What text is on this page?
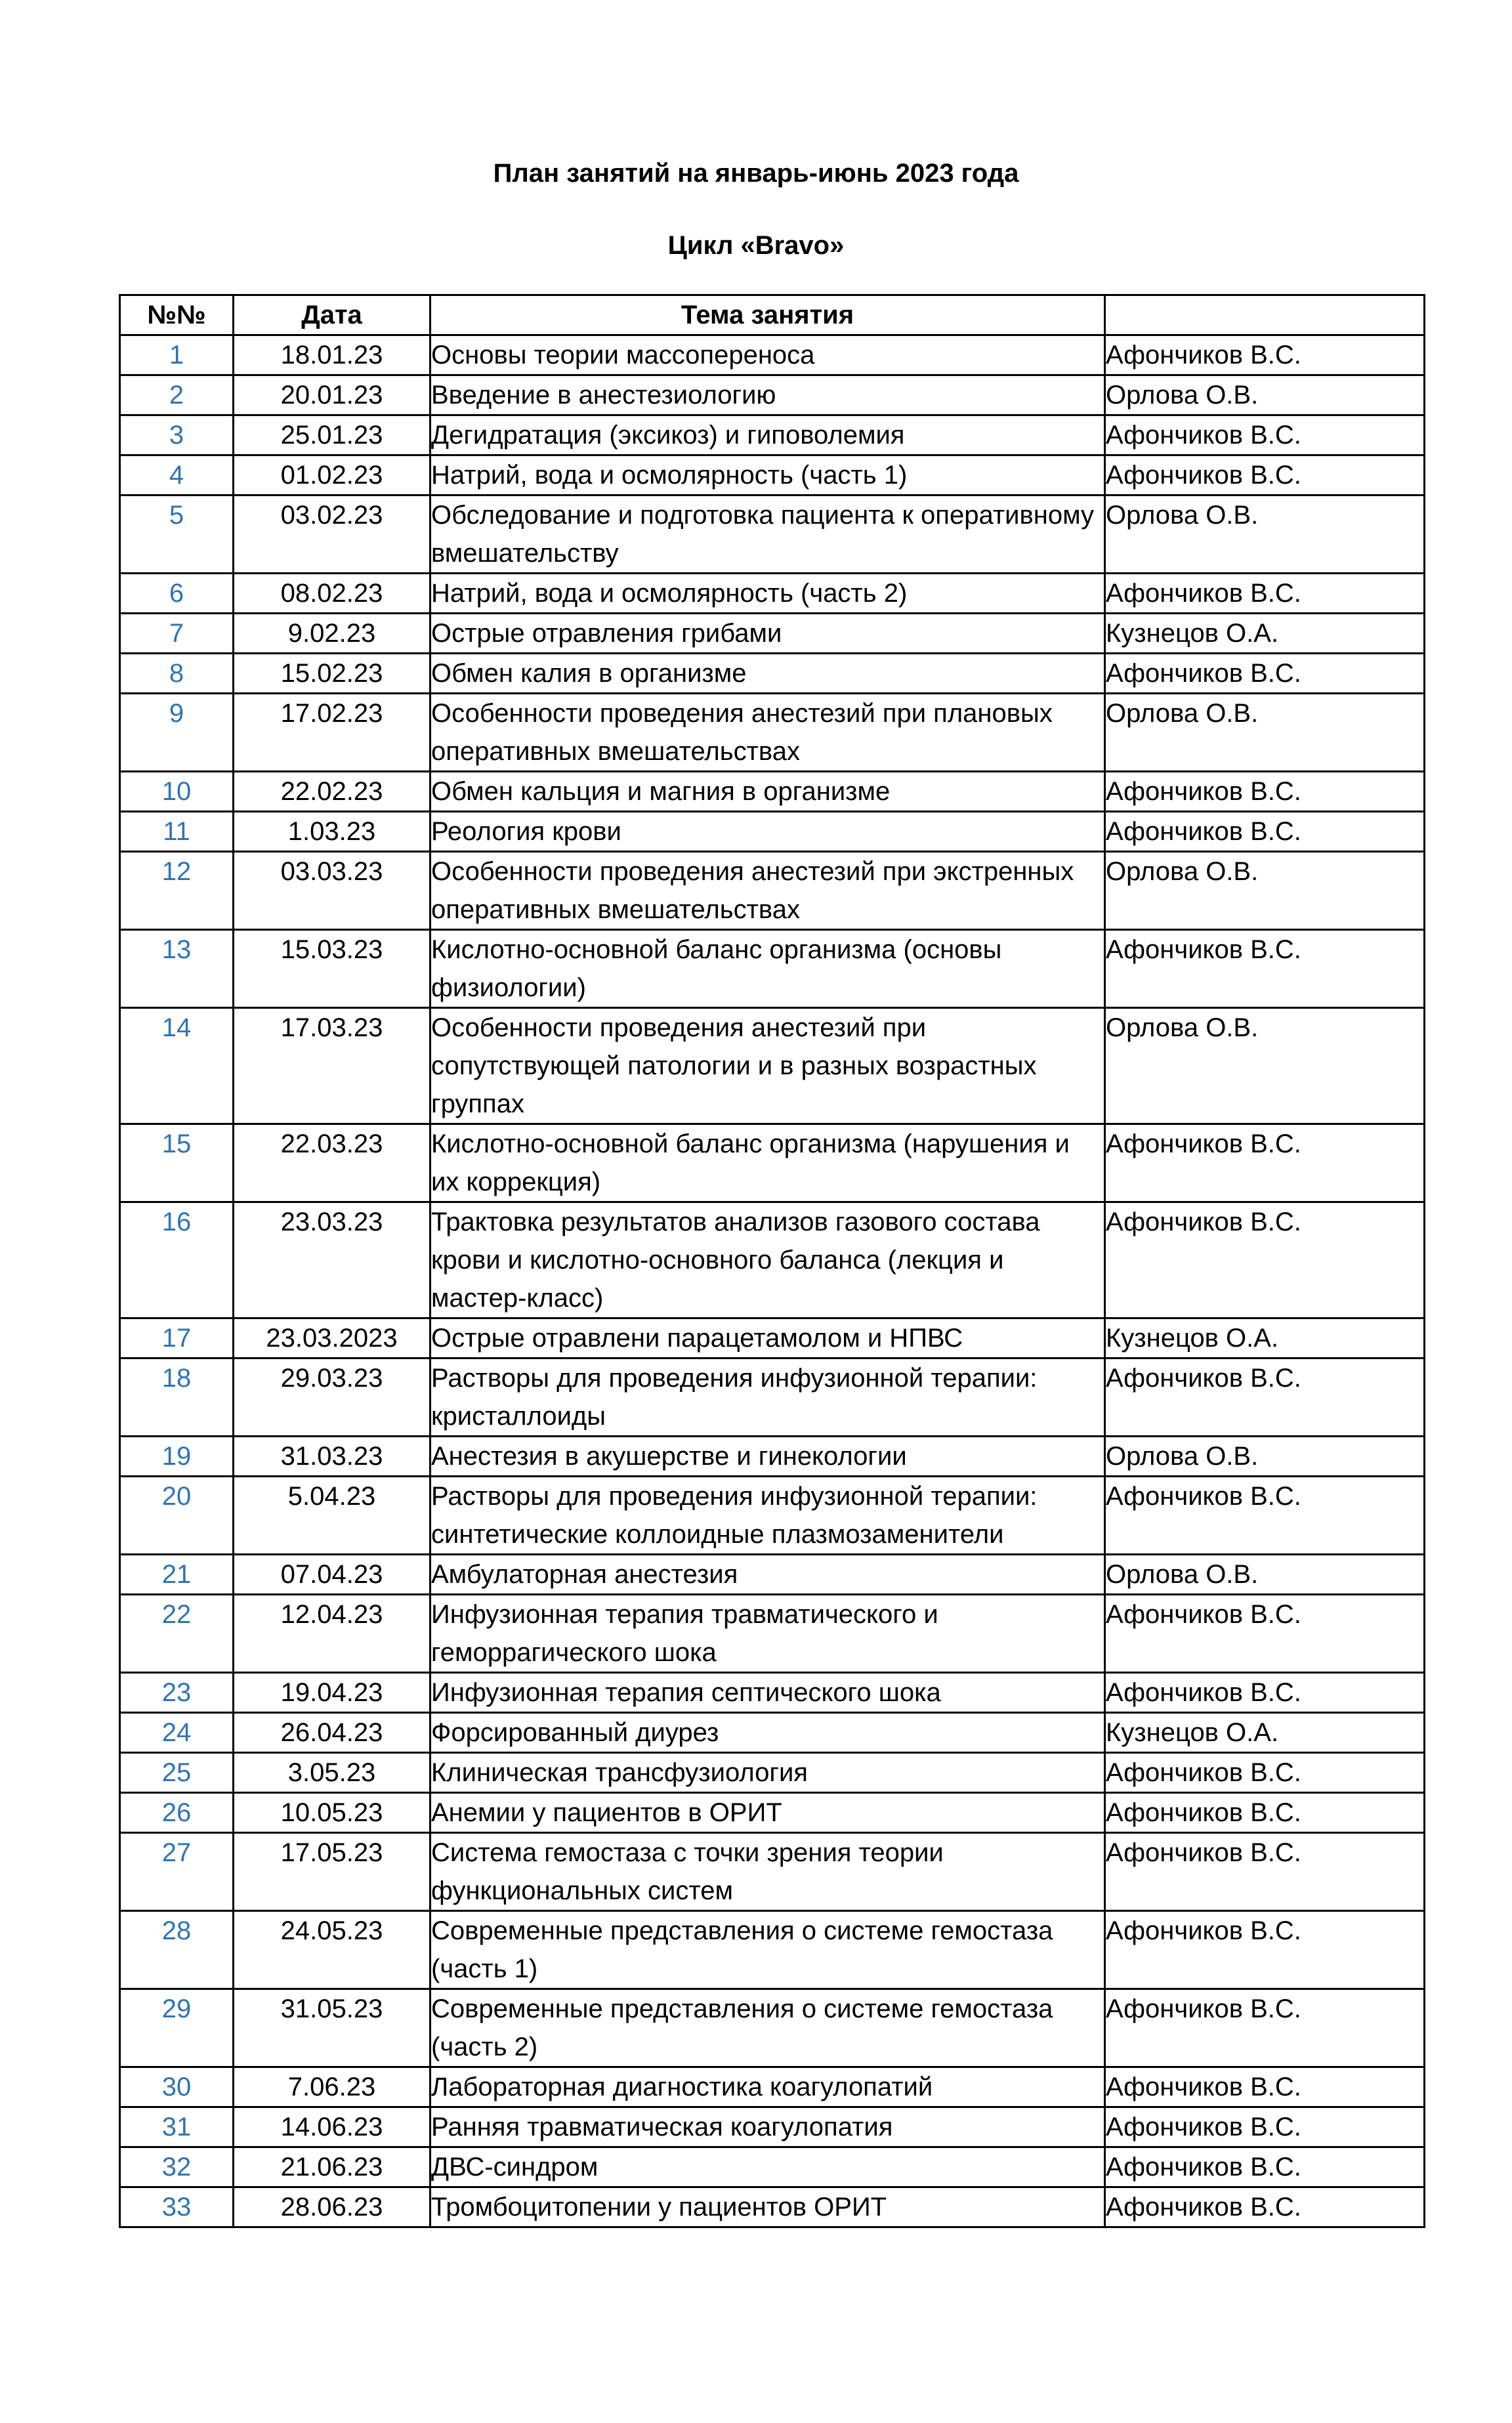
План занятий на январь-июнь 2023 года
Цикл «Bravo»
№№	Дата	Тема занятия	
1	18.01.23	Основы теории массопереноса	Афончиков В.С.
2	20.01.23	Введение в анестезиологию	Орлова О.В.
3	25.01.23	Дегидратация (эксикоз) и гиповолемия	Афончиков В.С.
4	01.02.23	Натрий, вода и осмолярность (часть 1)	Афончиков В.С.
5	03.02.23	Обследование и подготовка пациента к оперативному вмешательству	Орлова О.В.
6	08.02.23	Натрий, вода и осмолярность (часть 2)	Афончиков В.С.
7	9.02.23	Острые отравления грибами	Кузнецов О.А.
8	15.02.23	Обмен калия в организме	Афончиков В.С.
9	17.02.23	Особенности проведения анестезий при плановых оперативных вмешательствах	Орлова О.В.
10	22.02.23	Обмен кальция и магния в организме	Афончиков В.С.
11	1.03.23	Реология крови	Афончиков В.С.
12	03.03.23	Особенности проведения анестезий при экстренных оперативных вмешательствах	Орлова О.В.
13	15.03.23	Кислотно-основной баланс организма (основы физиологии)	Афончиков В.С.
14	17.03.23	Особенности проведения анестезий при сопутствующей патологии и в разных возрастных группах	Орлова О.В.
15	22.03.23	Кислотно-основной баланс организма (нарушения и их коррекция)	Афончиков В.С.
16	23.03.23	Трактовка результатов анализов газового состава крови и кислотно-основного баланса (лекция и мастер-класс)	Афончиков В.С.
17	23.03.2023	Острые отравлени парацетамолом и НПВС	Кузнецов О.А.
18	29.03.23	Растворы для проведения инфузионной терапии: кристаллоиды	Афончиков В.С.
19	31.03.23	Анестезия в акушерстве и гинекологии	Орлова О.В.
20	5.04.23	Растворы для проведения инфузионной терапии: синтетические коллоидные плазмозаменители	Афончиков В.С.
21	07.04.23	Амбулаторная анестезия	Орлова О.В.
22	12.04.23	Инфузионная терапия травматического и геморрагического шока	Афончиков В.С.
23	19.04.23	Инфузионная терапия септического шока	Афончиков В.С.
24	26.04.23	Форсированный диурез	Кузнецов О.А.
25	3.05.23	Клиническая трансфузиология	Афончиков В.С.
26	10.05.23	Анемии у пациентов в ОРИТ	Афончиков В.С.
27	17.05.23	Система гемостаза с точки зрения теории функциональных систем	Афончиков В.С.
28	24.05.23	Современные представления о системе гемостаза (часть 1)	Афончиков В.С.
29	31.05.23	Современные представления о системе гемостаза (часть 2)	Афончиков В.С.
30	7.06.23	Лабораторная диагностика коагулопатий	Афончиков В.С.
31	14.06.23	Ранняя травматическая коагулопатия	Афончиков В.С.
32	21.06.23	ДВС-синдром	Афончиков В.С.
33	28.06.23	Тромбоцитопении у пациентов ОРИТ	Афончиков В.С.
